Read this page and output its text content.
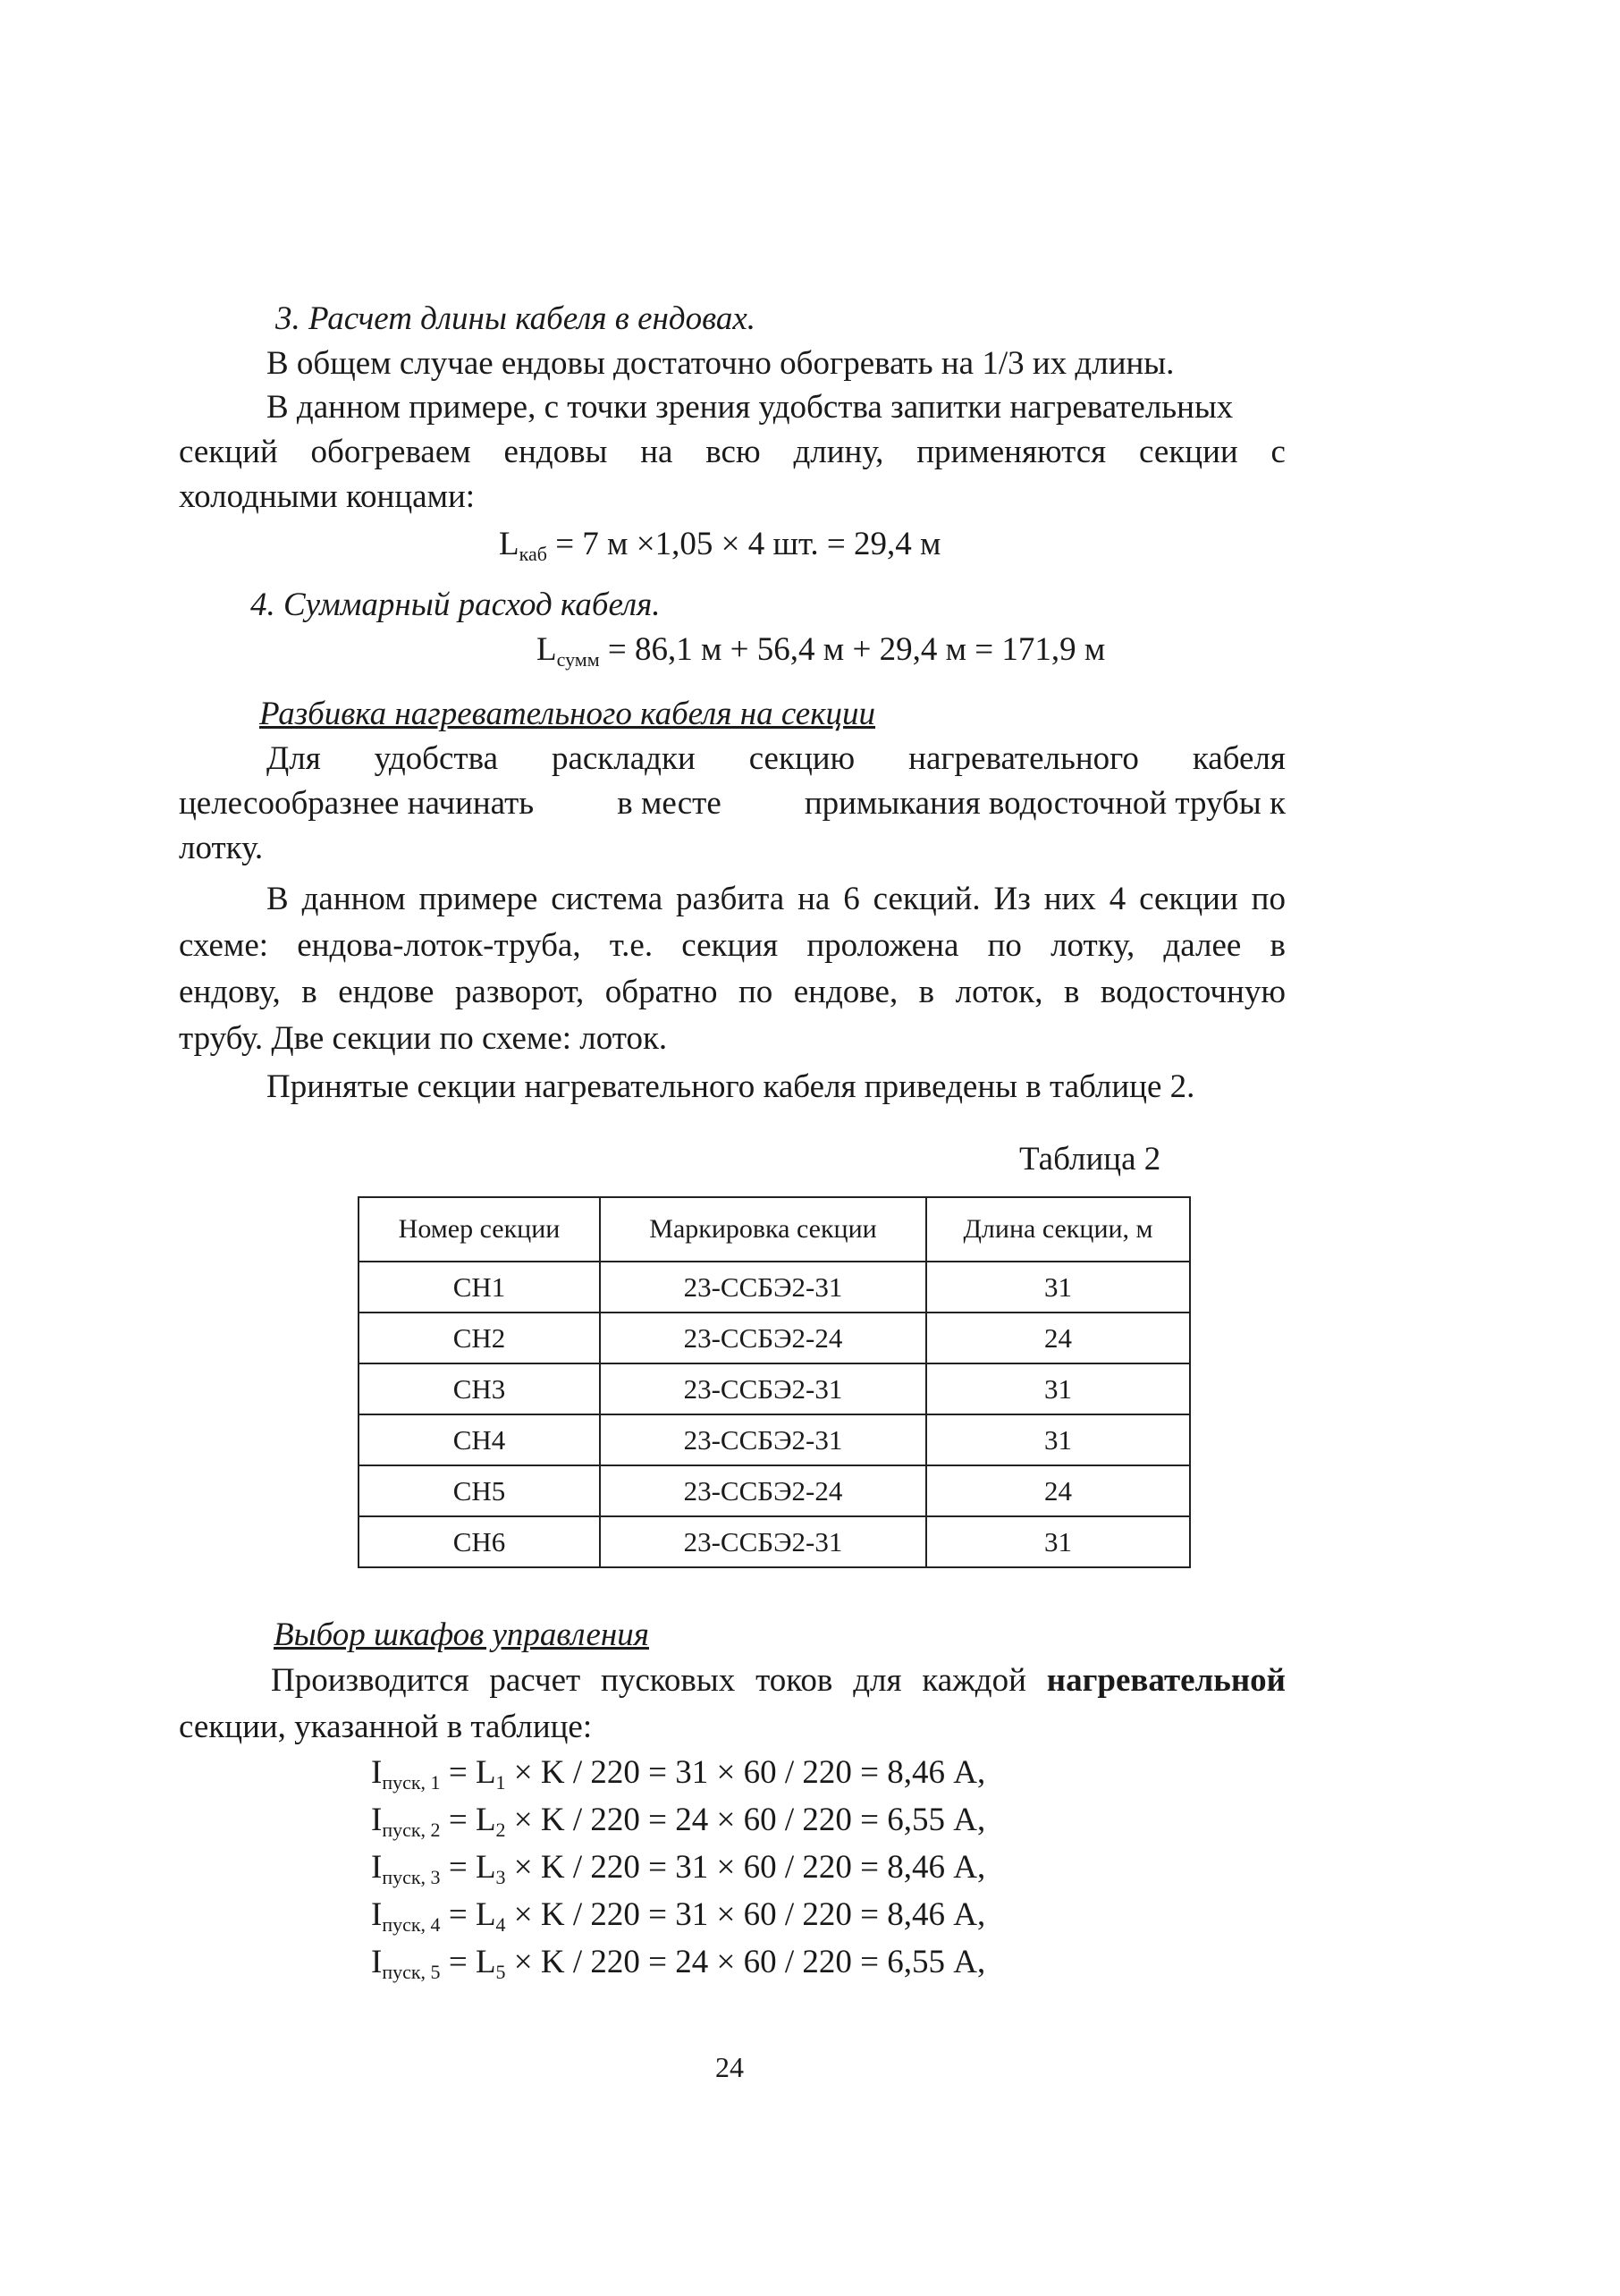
3. Расчет длины кабеля в ендовах.
В общем случае ендовы достаточно обогревать на 1/3 их длины.
В данном примере, с точки зрения удобства запитки нагревательных
секций обогреваем ендовы на всю длину, применяются секции с
холодными концами:
$L_{каб} = 7$ м ×1,05 × 4 шт. = 29,4 м
4. Суммарный расход кабеля.
$L_{сумм} = 86,1$ м + 56,4 м + 29,4 м = 171,9 м
Разбивка нагревательного кабеля на секции
Для удобства раскладки секцию нагревательного кабеля
целесообразнее начинать	в месте	примыкания водосточной трубы к
лотку.
В данном примере система разбита на 6 секций. Из них 4 секции по
схеме: ендова-лоток-труба, т.е. секция проложена по лотку, далее в
ендову, в ендове разворот, обратно по ендове, в лоток, в водосточную
трубу. Две секции по схеме: лоток.
Принятые секции нагревательного кабеля приведены в таблице 2.
Таблица 2
Номер секции	Маркировка секции	Длина секции, м
СН1	23-ССБЭ2-31	31
СН2	23-ССБЭ2-24	24
СН3	23-ССБЭ2-31	31
СН4	23-ССБЭ2-31	31
СН5	23-ССБЭ2-24	24
СН6	23-ССБЭ2-31	31
Выбор шкафов управления
Производится расчет пусковых токов для каждой нагревательной
секции, указанной в таблице:
$I_{пуск, 1} = L_1 \times K / 220 = 31 \times 60 / 220 = 8,46$ А,
$I_{пуск, 2} = L_2 \times K / 220 = 24 \times 60 / 220 = 6,55$ А,
$I_{пуск, 3} = L_3 \times K / 220 = 31 \times 60 / 220 = 8,46$ А,
$I_{пуск, 4} = L_4 \times K / 220 = 31 \times 60 / 220 = 8,46$ А,
$I_{пуск, 5} = L_5 \times K / 220 = 24 \times 60 / 220 = 6,55$ А,
24
